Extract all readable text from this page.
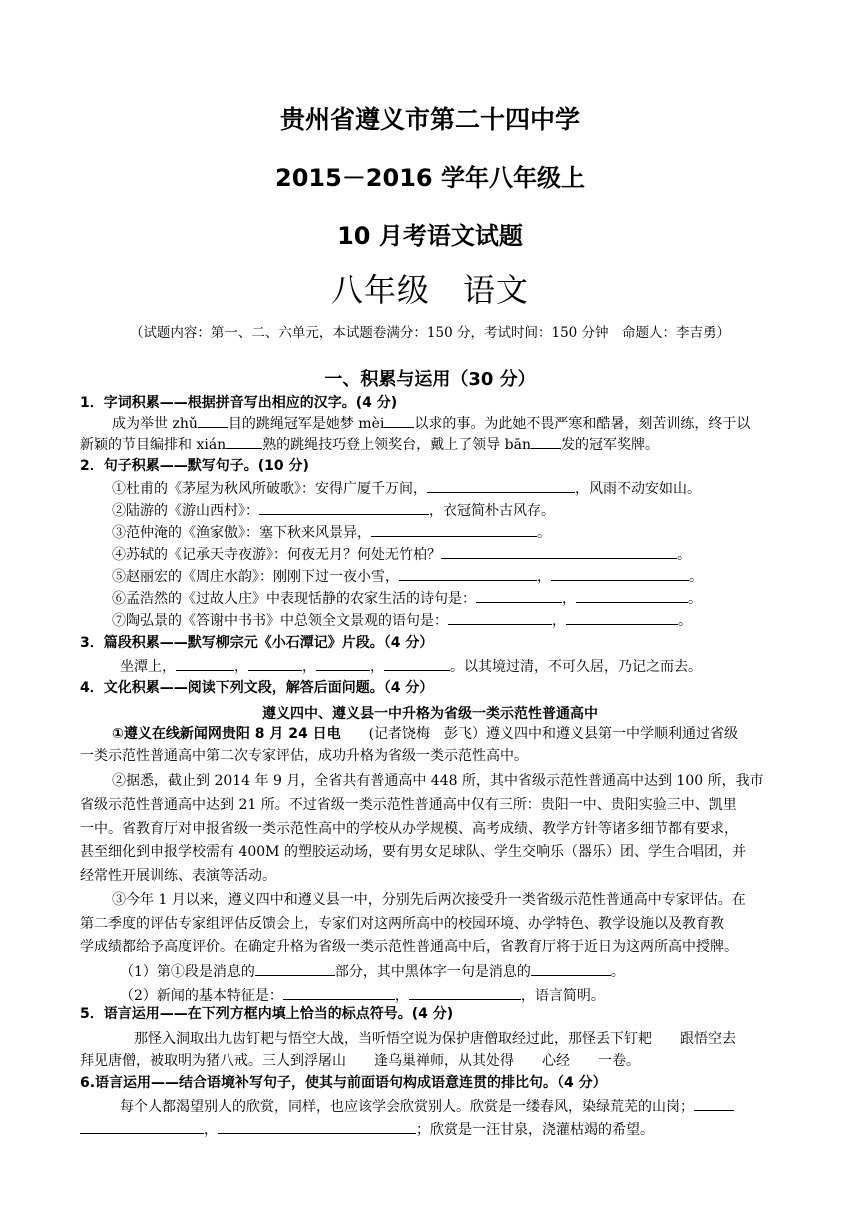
贵州省遵义市第二十四中学
2015－2016 学年八年级上
10 月考语文试题
八年级　语文
（试题内容：第一、二、六单元，本试题卷满分：150 分，考试时间：150 分钟　命题人：李吉勇）
一、积累与运用（30 分）
1．字词积累——根据拼音写出相应的汉字。(4 分)
成为举世 zhǔ 目的跳绳冠军是她梦 mèi 以求的事。为此她不畏严寒和酷暑，刻苦训练，终于以
新颖的节目编排和 xián	熟的跳绳技巧登上领奖台，戴上了领导 bān 发的冠军奖牌。
2．句子积累——默写句子。(10 分)
①杜甫的《茅屋为秋风所破歌》：安得广厦千万间，	，风雨不动安如山。
②陆游的《游山西村》：	，衣冠简朴古风存。
③范仲淹的《渔家傲》：塞下秋来风景异，	。
④苏轼的《记承天寺夜游》：何夜无月？何处无竹柏？	。
⑤赵丽宏的《周庄水韵》：刚刚下过一夜小雪，	，	。
⑥孟浩然的《过故人庄》中表现恬静的农家生活的诗句是：	，	。
⑦陶弘景的《答谢中书书》中总领全文景观的语句是：	，	。
3．篇段积累——默写柳宗元《小石潭记》片段。（4 分）
坐潭上，	，	，	，	。以其境过清，不可久居，乃记之而去。
4．文化积累——阅读下列文段，解答后面问题。（4 分）
遵义四中、遵义县一中升格为省级一类示范性普通高中
①遵义在线新闻网贵阳 8 月 24 日电　　(记者饶梅　彭飞）遵义四中和遵义县第一中学顺利通过省级
一类示范性普通高中第二次专家评估，成功升格为省级一类示范性高中。
②据悉，截止到 2014 年 9 月，全省共有普通高中 448 所，其中省级示范性普通高中达到 100 所，我市
省级示范性普通高中达到 21 所。不过省级一类示范性普通高中仅有三所：贵阳一中、贵阳实验三中、凯里
一中。省教育厅对申报省级一类示范性高中的学校从办学规模、高考成绩、教学方针等诸多细节都有要求，
甚至细化到申报学校需有 400M 的塑胶运动场，要有男女足球队、学生交响乐（器乐）团、学生合唱团，并
经常性开展训练、表演等活动。
③今年 1 月以来，遵义四中和遵义县一中，分别先后两次接受升一类省级示范性普通高中专家评估。在
第二季度的评估专家组评估反馈会上，专家们对这两所高中的校园环境、办学特色、教学设施以及教育教
学成绩都给予高度评价。在确定升格为省级一类示范性普通高中后，省教育厅将于近日为这两所高中授牌。
（1）第①段是消息的	部分，其中黑体字一句是消息的	。
（2）新闻的基本特征是：	，	，语言简明。
5．语言运用——在下列方框内填上恰当的标点符号。(4 分)
那怪入洞取出九齿钉耙与悟空大战，当听悟空说为保护唐僧取经过此，那怪丢下钉耙　　跟悟空去
拜见唐僧，被取明为猪八戒。三人到浮屠山　　逢乌巢禅师，从其处得　　心经　　一卷。
6.语言运用——结合语境补写句子，使其与前面语句构成语意连贯的排比句。（4 分）
每个人都渴望别人的欣赏，同样，也应该学会欣赏别人。欣赏是一缕春风，染绿荒芜的山岗；
，	；欣赏是一汪甘泉，浇灌枯竭的希望。
